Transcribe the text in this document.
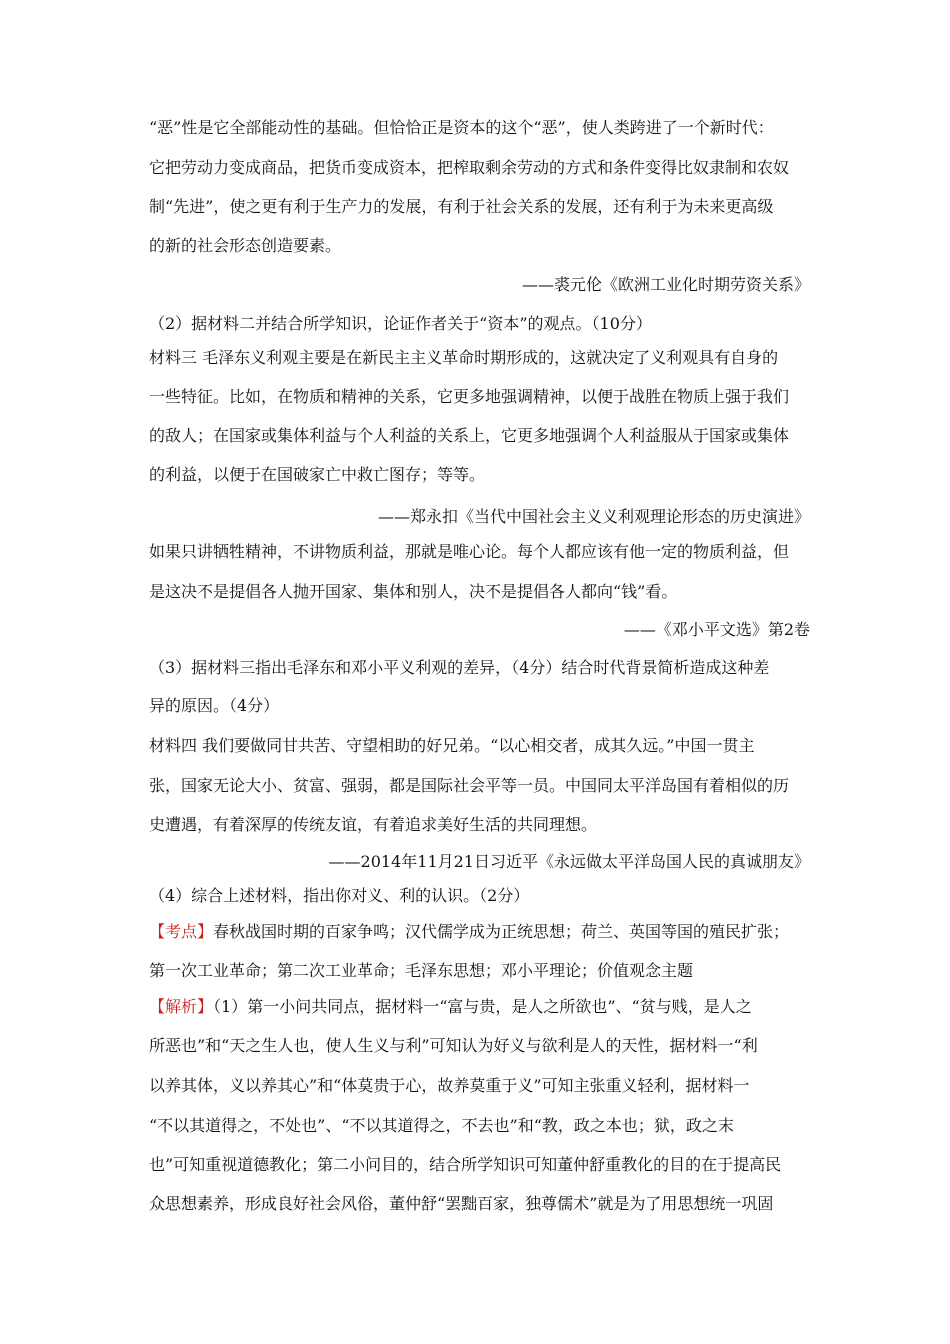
“恶”性是它全部能动性的基础。但恰恰正是资本的这个“恶”，使人类跨进了一个新时代：
它把劳动力变成商品，把货币变成资本，把榨取剩余劳动的方式和条件变得比奴隶制和农奴
制“先进”，使之更有利于生产力的发展，有利于社会关系的发展，还有利于为未来更高级
的新的社会形态创造要素。
——裘元伦《欧洲工业化时期劳资关系》
（2）据材料二并结合所学知识，论证作者关于“资本”的观点。（10分）
材料三 毛泽东义利观主要是在新民主主义革命时期形成的，这就决定了义利观具有自身的
一些特征。比如，在物质和精神的关系，它更多地强调精神，以便于战胜在物质上强于我们
的敌人；在国家或集体利益与个人利益的关系上，它更多地强调个人利益服从于国家或集体
的利益，以便于在国破家亡中救亡图存；等等。
——郑永扣《当代中国社会主义义利观理论形态的历史演进》
如果只讲牺牲精神，不讲物质利益，那就是唯心论。每个人都应该有他一定的物质利益，但
是这决不是提倡各人抛开国家、集体和别人，决不是提倡各人都向“钱”看。
——《邓小平文选》第2卷
（3）据材料三指出毛泽东和邓小平义利观的差异，（4分）结合时代背景简析造成这种差
异的原因。（4分）
材料四 我们要做同甘共苦、守望相助的好兄弟。“以心相交者，成其久远。”中国一贯主
张，国家无论大小、贫富、强弱，都是国际社会平等一员。中国同太平洋岛国有着相似的历
史遭遇，有着深厚的传统友谊，有着追求美好生活的共同理想。
——2014年11月21日习近平《永远做太平洋岛国人民的真诚朋友》
（4）综合上述材料，指出你对义、利的认识。（2分）
【考点】春秋战国时期的百家争鸣；汉代儒学成为正统思想；荷兰、英国等国的殖民扩张；
第一次工业革命；第二次工业革命；毛泽东思想；邓小平理论；价值观念主题
【解析】（1）第一小问共同点，据材料一“富与贵，是人之所欲也”、“贫与贱，是人之
所恶也”和“天之生人也，使人生义与利”可知认为好义与欲利是人的天性，据材料一“利
以养其体，义以养其心”和“体莫贵于心，故养莫重于义”可知主张重义轻利，据材料一
“不以其道得之，不处也”、“不以其道得之，不去也”和“教，政之本也；狱，政之末
也”可知重视道德教化；第二小问目的，结合所学知识可知董仲舒重教化的目的在于提高民
众思想素养，形成良好社会风俗，董仲舒“罢黜百家，独尊儒术”就是为了用思想统一巩固
